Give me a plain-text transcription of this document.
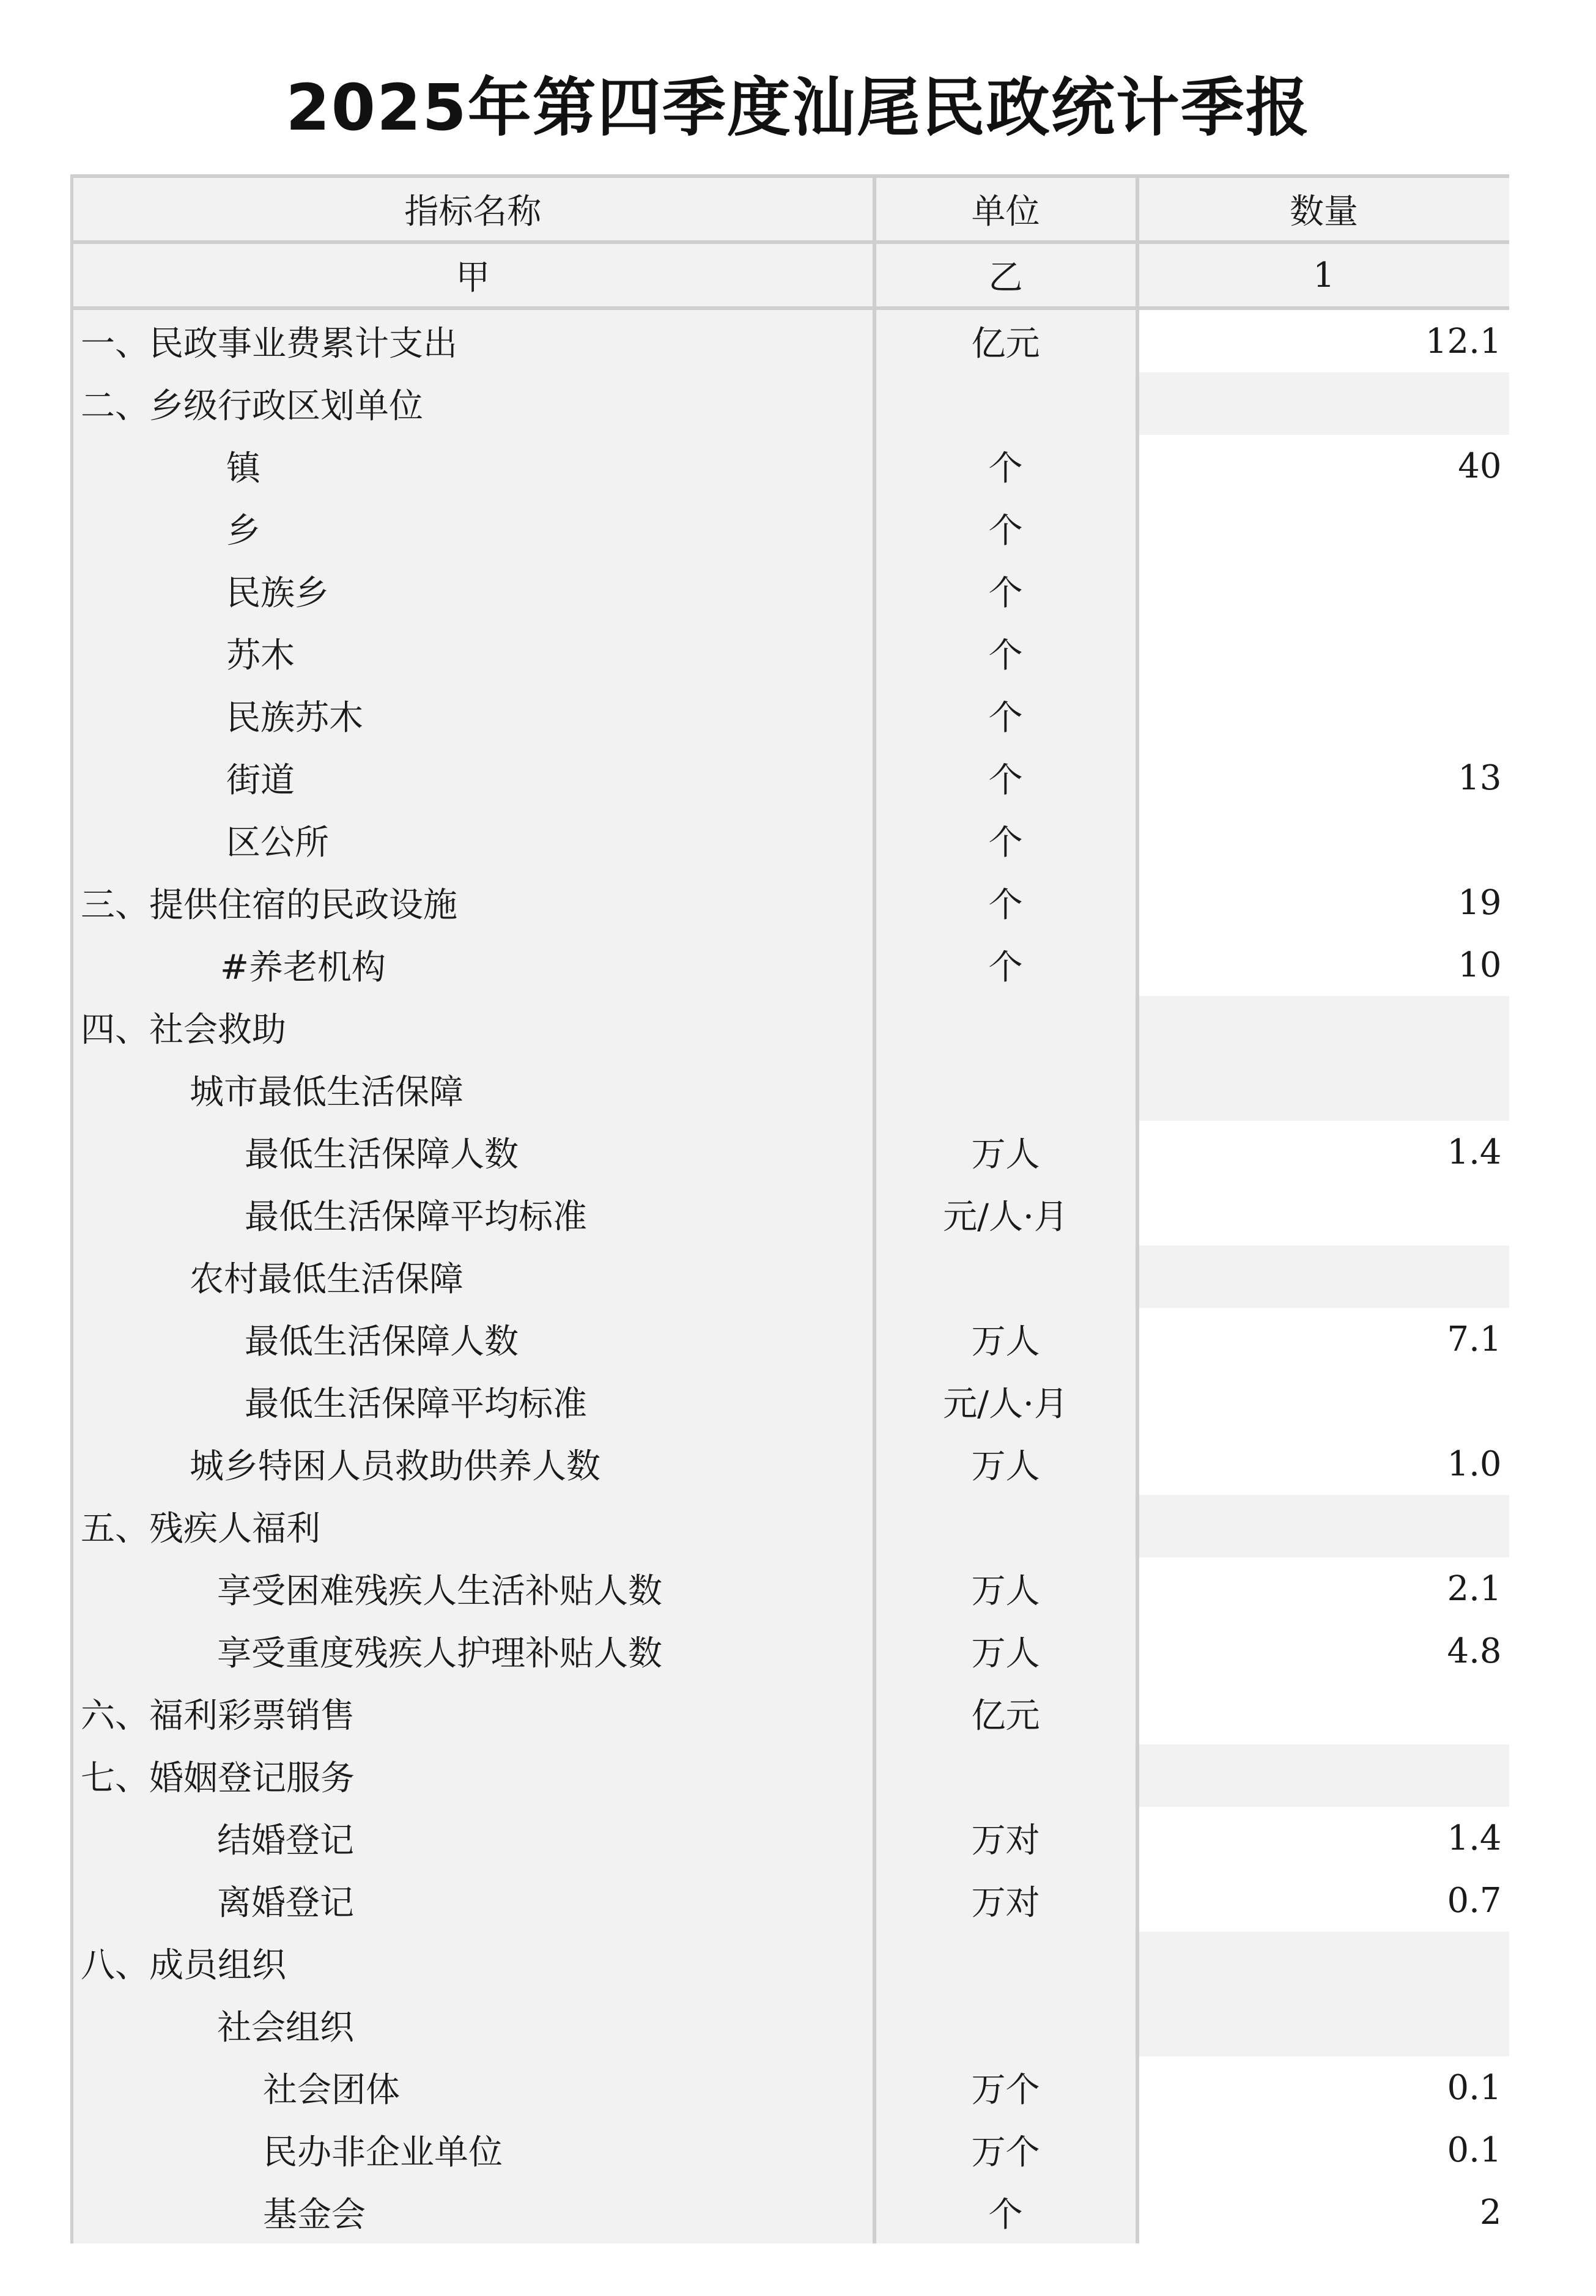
2025年第四季度汕尾民政统计季报
指标名称	单位	数量
甲	乙	1
一、民政事业费累计支出	亿元	12.1
二、乡级行政区划单位		
镇	个	40
乡	个	
民族乡	个	
苏木	个	
民族苏木	个	
街道	个	13
区公所	个	
三、提供住宿的民政设施	个	19
#养老机构	个	10
四、社会救助		
城市最低生活保障		
最低生活保障人数	万人	1.4
最低生活保障平均标准	元/人·月	
农村最低生活保障		
最低生活保障人数	万人	7.1
最低生活保障平均标准	元/人·月	
城乡特困人员救助供养人数	万人	1.0
五、残疾人福利		
享受困难残疾人生活补贴人数	万人	2.1
享受重度残疾人护理补贴人数	万人	4.8
六、福利彩票销售	亿元	
七、婚姻登记服务		
结婚登记	万对	1.4
离婚登记	万对	0.7
八、成员组织		
社会组织		
社会团体	万个	0.1
民办非企业单位	万个	0.1
基金会	个	2
